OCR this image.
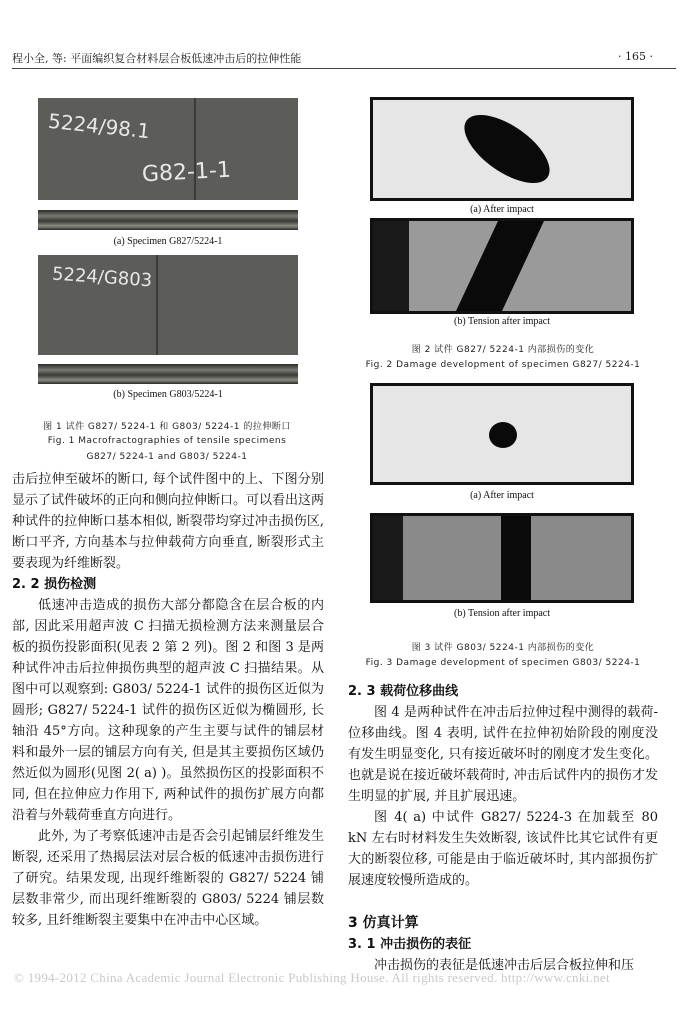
程小全, 等: 平面编织复合材料层合板低速冲击后的拉伸性能	· 165 ·
5224/98.1
G82-1-1
(a) Specimen G827/5224-1
5224/G803
(b) Specimen G803/5224-1
图 1 试件 G827/ 5224-1 和 G803/ 5224-1 的拉伸断口
Fig. 1 Macrofractographies of tensile specimens
G827/ 5224-1 and G803/ 5224-1

击后拉伸至破坏的断口, 每个试件图中的上、下图分别显示了试件破坏的正向和侧向拉伸断口。可以看出这两种试件的拉伸断口基本相似, 断裂带均穿过冲击损伤区, 断口平齐, 方向基本与拉伸载荷方向垂直, 断裂形式主要表现为纤维断裂。

2. 2 损伤检测

低速冲击造成的损伤大部分都隐含在层合板的内部, 因此采用超声波 C 扫描无损检测方法来测量层合板的损伤投影面积(见表 2 第 2 列)。图 2 和图 3 是两种试件冲击后拉伸损伤典型的超声波 C 扫描结果。从图中可以观察到: G803/ 5224-1 试件的损伤区近似为圆形; G827/ 5224-1 试件的损伤区近似为椭圆形, 长轴沿 45°方向。这种现象的产生主要与试件的铺层材料和最外一层的铺层方向有关, 但是其主要损伤区域仍然近似为圆形(见图 2( a) )。虽然损伤区的投影面积不同, 但在拉伸应力作用下, 两种试件的损伤扩展方向都沿着与外载荷垂直方向进行。

此外, 为了考察低速冲击是否会引起铺层纤维发生断裂, 还采用了热揭层法对层合板的低速冲击损伤进行了研究。结果发现, 出现纤维断裂的 G827/ 5224 铺层数非常少, 而出现纤维断裂的 G803/ 5224 铺层数较多, 且纤维断裂主要集中在冲击中心区域。

(a) After impact
(b) Tension after impact
图 2 试件 G827/ 5224-1 内部损伤的变化
Fig. 2 Damage development of specimen G827/ 5224-1
(a) After impact
(b) Tension after impact
图 3 试件 G803/ 5224-1 内部损伤的变化
Fig. 3 Damage development of specimen G803/ 5224-1

2. 3 载荷位移曲线

图 4 是两种试件在冲击后拉伸过程中测得的载荷-位移曲线。图 4 表明, 试件在拉伸初始阶段的刚度没有发生明显变化, 只有接近破坏时的刚度才发生变化。也就是说在接近破坏载荷时, 冲击后试件内的损伤才发生明显的扩展, 并且扩展迅速。

图 4( a) 中试件 G827/ 5224-3 在加载至 80 kN 左右时材料发生失效断裂, 该试件比其它试件有更大的断裂位移, 可能是由于临近破坏时, 其内部损伤扩展速度较慢所造成的。

3 仿真计算

3. 1 冲击损伤的表征

冲击损伤的表征是低速冲击后层合板拉伸和压

© 1994-2012 China Academic Journal Electronic Publishing House. All rights reserved. http://www.cnki.net
